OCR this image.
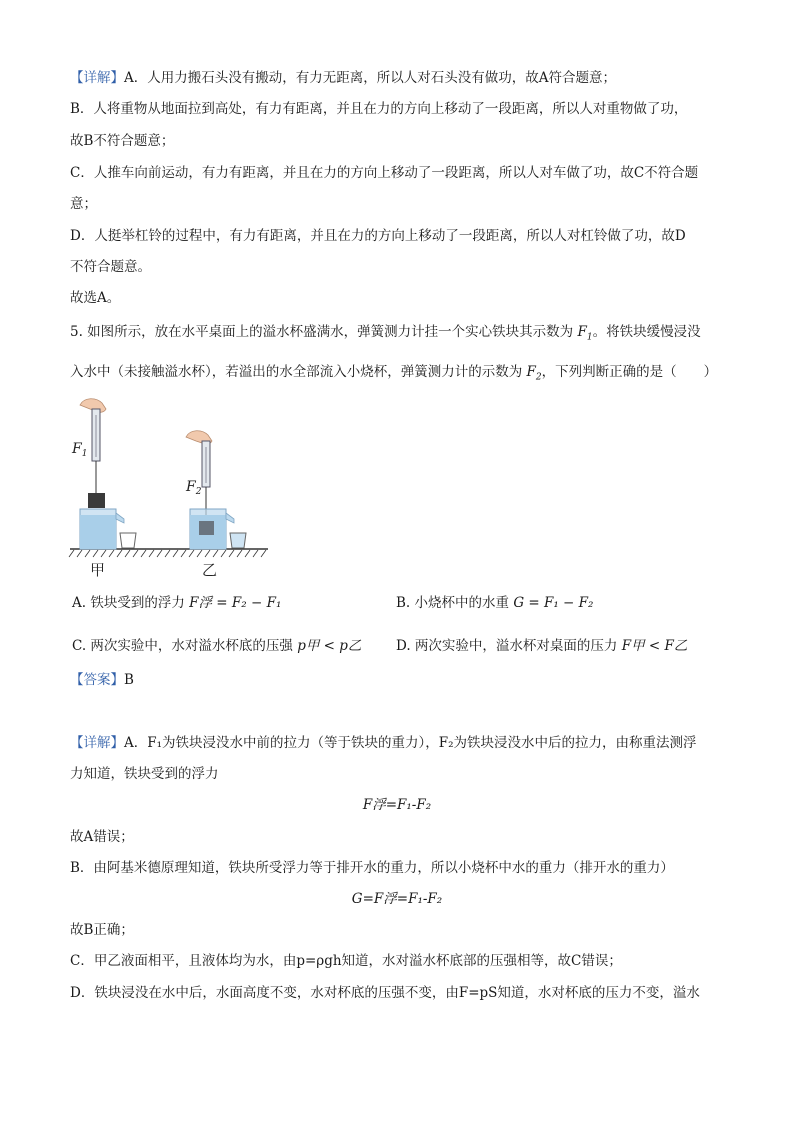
【详解】A．人用力搬石头没有搬动，有力无距离，所以人对石头没有做功，故A符合题意；
B．人将重物从地面拉到高处，有力有距离，并且在力的方向上移动了一段距离，所以人对重物做了功，
故B不符合题意；
C．人推车向前运动，有力有距离，并且在力的方向上移动了一段距离，所以人对车做了功，故C不符合题
意；
D．人挺举杠铃的过程中，有力有距离，并且在力的方向上移动了一段距离，所以人对杠铃做了功，故D
不符合题意。
故选A。
5. 如图所示，放在水平桌面上的溢水杯盛满水，弹簧测力计挂一个实心铁块其示数为 $F_1$。将铁块缓慢浸没
入水中（未接触溢水杯），若溢出的水全部流入小烧杯，弹簧测力计的示数为 $F_2$，下列判断正确的是（　　）
$F_1$
$F_2$
甲	乙
A. 铁块受到的浮力 F浮 = F₂ − F₁	B. 小烧杯中的水重 G = F₁ − F₂
C. 两次实验中，水对溢水杯底的压强 p甲 < p乙	D. 两次实验中，溢水杯对桌面的压力 F甲 < F乙
【答案】B
【详解】A．F₁为铁块浸没水中前的拉力（等于铁块的重力），F₂为铁块浸没水中后的拉力，由称重法测浮
力知道，铁块受到的浮力
F浮=F₁-F₂
故A错误；
B．由阿基米德原理知道，铁块所受浮力等于排开水的重力，所以小烧杯中水的重力（排开水的重力）
G=F浮=F₁-F₂
故B正确；
C．甲乙液面相平，且液体均为水，由p=ρgh知道，水对溢水杯底部的压强相等，故C错误；
D．铁块浸没在水中后，水面高度不变，水对杯底的压强不变，由F=pS知道，水对杯底的压力不变，溢水
